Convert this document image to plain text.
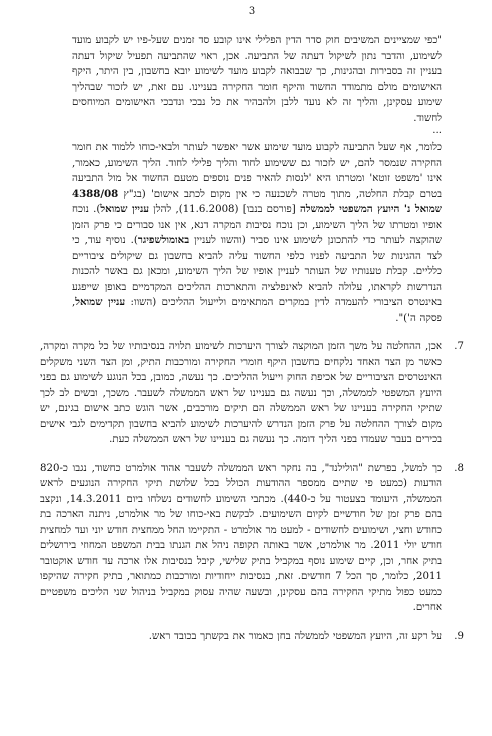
3

"כפי שמציינים המשיבים חוק סדר הדין הפלילי אינו קובע סד זמנים שעל-פיו יש לקבוע מועד לשימוע, והדבר נתון לשיקול דעתה של התביעה. אכן, ראוי שהתביעה תפעיל שיקול דעתה בעניין זה בסבירות ובהגינות, כך שבבואה לקבוע מועד לשימוע יובא בחשבון, בין היתר, היקף האישומים מולם מתמודד החשוד והיקף חומר החקירה בעניינו. עם זאת, יש לזכור שבהליך שימוע עסקינן, והליך זה לא נועד ללבן ולהבהיר את כל נבכי ונדבכי האישומים המיוחסים לחשוד.

...

כלומר, אף שעל התביעה לקבוע מועד שימוע אשר יאפשר לעותר ולבאי-כוחו ללמוד את חומר החקירה שנמסר להם, יש לזכור גם ששימוע לחוד והליך פלילי לחוד. הליך השימוע, כאמור, אינו 'משפט זוטא' ומטרתו היא 'לנסות להאיר פנים נוספים מטעם החשוד אל מול התביעה בטרם קבלת החלטה, מתוך מטרה לשכנעה כי אין מקום לכתב אישום' (בג"ץ 4388/08 שמואל נ' היועץ המשפטי לממשלה [פורסם בנבו] (11.6.2008), להלן עניין שמואל). נוכח אופיו ומטרתו של הליך השימוע, וכן נוכח נסיבות המקרה דנא, אין אנו סבורים כי פרק הזמן שהוקצה לעותר כדי להתכונן לשימוע אינו סביר (והשוו לעניין באומולשפיגר). נוסיף עוד, כי לצד ההגינות של התביעה לפניו כלפי החשוד עליה להביא בחשבון גם שיקולים ציבוריים כלליים. קבלת טענותיו של העותר לעניין אופיו של הליך השימוע, ומכאן גם באשר להכנות הנדרשות לקראתו, עלולה להביא לאינפלציה והתארכות ההליכים המקדמיים באופן שייפגע באינטרס הציבורי להעמדה לדין במקרים המתאימים ולייעול ההליכים (השוו: עניין שמואל, פסקה ה')".

7.
אכן, ההחלטה על משך הזמן המוקצה לצורך היערכות לשימוע תלויה בנסיבותיו של כל מקרה ומקרה, כאשר מן הצד האחד נלקחים בחשבון היקף חומרי החקירה ומורכבות התיק, ומן הצד השני משקלים האינטרסים הציבוריים של אכיפת החוק וייעול ההליכים. כך נעשה, כמובן, בכל הנוגע לשימוע גם בפני היועץ המשפטי לממשלה, וכך נעשה גם בעניינו של ראש הממשלה לשעבר. משכך, ובשים לב לכך שתיקי החקירה בעניינו של ראש הממשלה הם תיקים מורכבים, אשר הוגש כתב אישום בגינם, יש מקום לצורך ההחלטה על פרק הזמן הנדרש להיערכות לשימוע להביא בחשבון תקדימים לגבי אישים בכירים בעבר שעמדו בפני הליך דומה. כך נעשה גם בעניינו של ראש הממשלה כעת.
8.
כך למשל, בפרשת "הולילנד", בה נחקר ראש הממשלה לשעבר אהוד אולמרט כחשוד, נגבו כ-820 הודעות (כמעט פי שתיים ממספר ההודעות הכולל בכל שלושת תיקי החקירה הנוגעים לראש הממשלה, היעומד בצעטור על כ-440). מכתבי השימוע לחשודים נשלחו ביום 14.3.2011, ונקצב בהם פרק זמן של חודשיים לקיום השימועים. לבקשת באי-כוחו של מר אולמרט, ניתנה הארכה בת כחודש וחצי, ושימועים לחשודים - למעט מר אולמרט - התקיימו החל ממחצית חודש יוני ועד למחצית חודש יולי 2011. מר אולמרט, אשר באותה תקופה ניהל את הגנתו בבית המשפט המחוזי בירושלים בתיק אחר, וכן, קיים שימוע נוסף במקביל בתיק שלישי, קיבל בנסיבות אלו ארכה עד חודש אוקטובר 2011, כלומר, סך הכל 7 חודשים. זאת, בנסיבות ייחודיות ומורכבות כמתואר, בתיק חקירה שהיקפו כמעט כפול מתיקי החקירה בהם עסקינן, ובשעה שהיה עסוק במקביל בניהול שני הליכים משפטיים אחרים.
9.
על רקע זה, היועץ המשפטי לממשלה בחן כאמור את בקשתך בכובד ראש.
